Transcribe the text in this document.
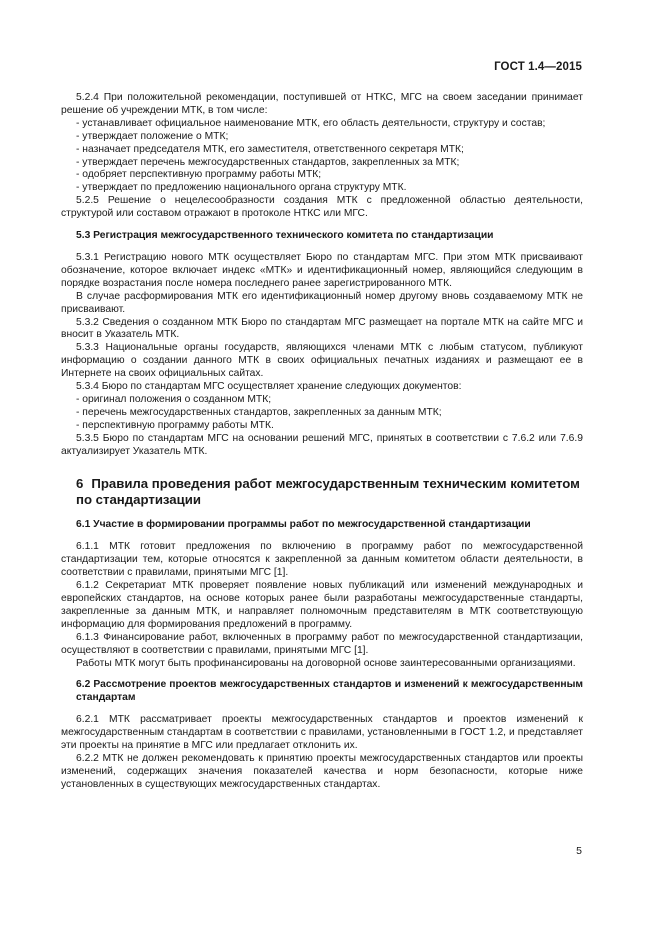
ГОСТ 1.4—2015

5.2.4 При положительной рекомендации, поступившей от НТКС, МГС на своем заседании принимает решение об учреждении МТК, в том числе:

- устанавливает официальное наименование МТК, его область деятельности, структуру и состав;

- утверждает положение о МТК;

- назначает председателя МТК, его заместителя, ответственного секретаря МТК;

- утверждает перечень межгосударственных стандартов, закрепленных за МТК;

- одобряет перспективную программу работы МТК;

- утверждает по предложению национального органа структуру МТК.

5.2.5 Решение о нецелесообразности создания МТК с предложенной областью деятельности, структурой или составом отражают в протоколе НТКС или МГС.

5.3 Регистрация межгосударственного технического комитета по стандартизации

5.3.1 Регистрацию нового МТК осуществляет Бюро по стандартам МГС. При этом МТК присваивают обозначение, которое включает индекс «МТК» и идентификационный номер, являющийся следующим в порядке возрастания после номера последнего ранее зарегистрированного МТК.

В случае расформирования МТК его идентификационный номер другому вновь создаваемому МТК не присваивают.

5.3.2 Сведения о созданном МТК Бюро по стандартам МГС размещает на портале МТК на сайте МГС и вносит в Указатель МТК.

5.3.3 Национальные органы государств, являющихся членами МТК с любым статусом, публикуют информацию о создании данного МТК в своих официальных печатных изданиях и размещают ее в Интернете на своих официальных сайтах.

5.3.4 Бюро по стандартам МГС осуществляет хранение следующих документов:

- оригинал положения о созданном МТК;

- перечень межгосударственных стандартов, закрепленных за данным МТК;

- перспективную программу работы МТК.

5.3.5 Бюро по стандартам МГС на основании решений МГС, принятых в соответствии с 7.6.2 или 7.6.9 актуализирует Указатель МТК.

6 Правила проведения работ межгосударственным техническим комитетом по стандартизации
6.1 Участие в формировании программы работ по межгосударственной стандартизации

6.1.1 МТК готовит предложения по включению в программу работ по межгосударственной стандартизации тем, которые относятся к закрепленной за данным комитетом области деятельности, в соответствии с правилами, принятыми МГС [1].

6.1.2 Секретариат МТК проверяет появление новых публикаций или изменений международных и европейских стандартов, на основе которых ранее были разработаны межгосударственные стандарты, закрепленные за данным МТК, и направляет полномочным представителям в МТК соответствующую информацию для формирования предложений в программу.

6.1.3 Финансирование работ, включенных в программу работ по межгосударственной стандартизации, осуществляют в соответствии с правилами, принятыми МГС [1].

Работы МТК могут быть профинансированы на договорной основе заинтересованными организациями.

6.2 Рассмотрение проектов межгосударственных стандартов и изменений к межгосударственным стандартам

6.2.1 МТК рассматривает проекты межгосударственных стандартов и проектов изменений к межгосударственным стандартам в соответствии с правилами, установленными в ГОСТ 1.2, и представляет эти проекты на принятие в МГС или предлагает отклонить их.

6.2.2 МТК не должен рекомендовать к принятию проекты межгосударственных стандартов или проекты изменений, содержащих значения показателей качества и норм безопасности, которые ниже установленных в существующих межгосударственных стандартах.

5
